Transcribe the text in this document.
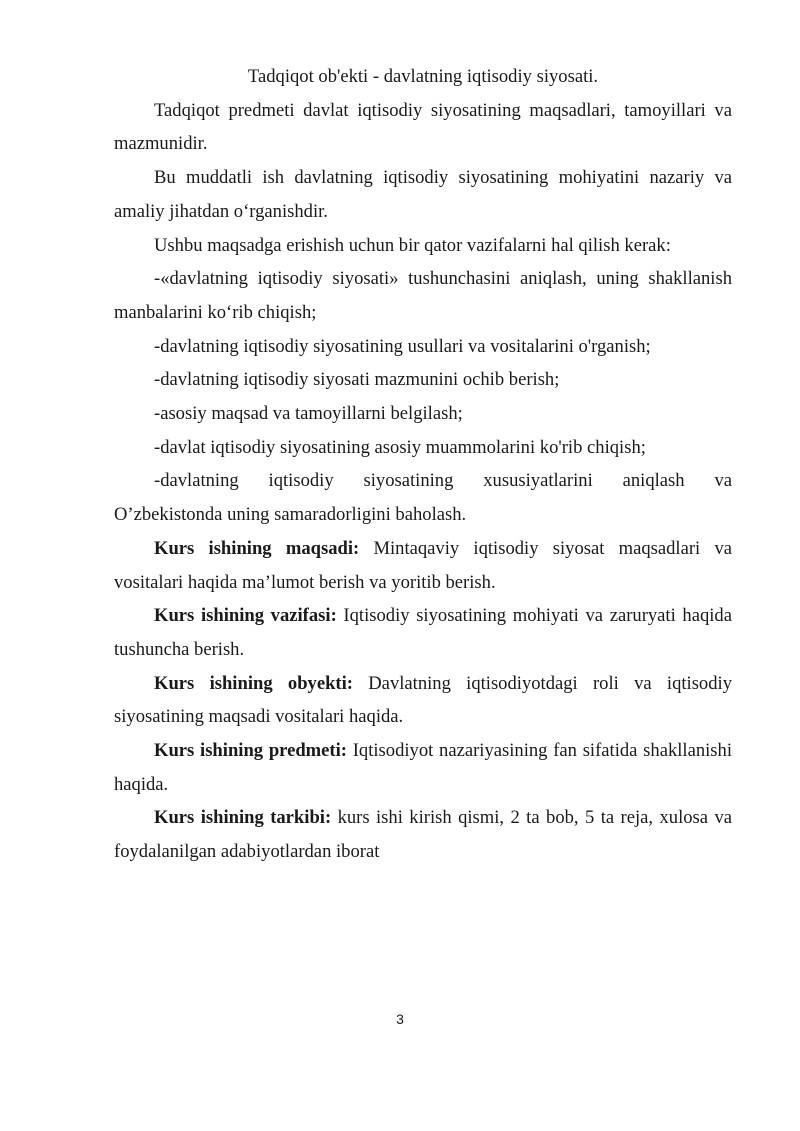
Tadqiqot ob'ekti - davlatning iqtisodiy siyosati.

Tadqiqot predmeti davlat iqtisodiy siyosatining maqsadlari, tamoyillari va mazmunidir.

Bu muddatli ish davlatning iqtisodiy siyosatining mohiyatini nazariy va amaliy jihatdan o‘rganishdir.

Ushbu maqsadga erishish uchun bir qator vazifalarni hal qilish kerak:

-«davlatning iqtisodiy siyosati» tushunchasini aniqlash, uning shakllanish manbalarini ko‘rib chiqish;

-davlatning iqtisodiy siyosatining usullari va vositalarini o'rganish;

-davlatning iqtisodiy siyosati mazmunini ochib berish;

-asosiy maqsad va tamoyillarni belgilash;

-davlat iqtisodiy siyosatining asosiy muammolarini ko'rib chiqish;

-davlatning iqtisodiy siyosatining xususiyatlarini aniqlash va

O’zbekistonda uning samaradorligini baholash.

Kurs ishining maqsadi: Mintaqaviy iqtisodiy siyosat maqsadlari va vositalari haqida ma’lumot berish va yoritib berish.

Kurs ishining vazifasi: Iqtisodiy siyosatining mohiyati va zaruryati haqida tushuncha berish.

Kurs ishining obyekti: Davlatning iqtisodiyotdagi roli va iqtisodiy siyosatining maqsadi vositalari haqida.

Kurs ishining predmeti: Iqtisodiyot nazariyasining fan sifatida shakllanishi haqida.

Kurs ishining tarkibi: kurs ishi kirish qismi, 2 ta bob, 5 ta reja, xulosa va foydalanilgan adabiyotlardan iborat

3
